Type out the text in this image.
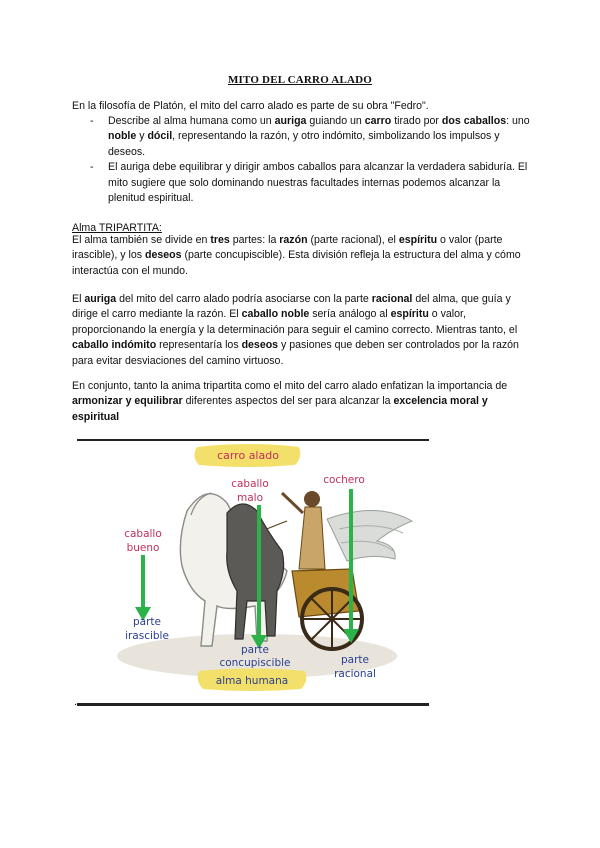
MITO DEL CARRO ALADO
En la filosofía de Platón, el mito del carro alado es parte de su obra "Fedro".

- Describe al alma humana como un auriga guiando un carro tirado por dos caballos: uno noble y dócil, representando la razón, y otro indómito, simbolizando los impulsos y deseos.

- El auriga debe equilibrar y dirigir ambos caballos para alcanzar la verdadera sabiduría. El mito sugiere que solo dominando nuestras facultades internas podemos alcanzar la plenitud espiritual.

Alma TRIPARTITA:
El alma también se divide en tres partes: la razón (parte racional), el espíritu o valor (parte irascible), y los deseos (parte concupiscible). Esta división refleja la estructura del alma y cómo interactúa con el mundo.
El auriga del mito del carro alado podría asociarse con la parte racional del alma, que guía y dirige el carro mediante la razón. El caballo noble sería análogo al espíritu o valor, proporcionando la energía y la determinación para seguir el camino correcto. Mientras tanto, el caballo indómito representaría los deseos y pasiones que deben ser controlados por la razón para evitar desviaciones del camino virtuoso.
En conjunto, tanto la anima tripartita como el mito del carro alado enfatizan la importancia de armonizar y equilibrar diferentes aspectos del ser para alcanzar la excelencia moral y espiritual
carro alado
caballo
malo
cochero
caballo
bueno
parte
irascible
parte
concupiscible	parte
racional
alma humana
.
